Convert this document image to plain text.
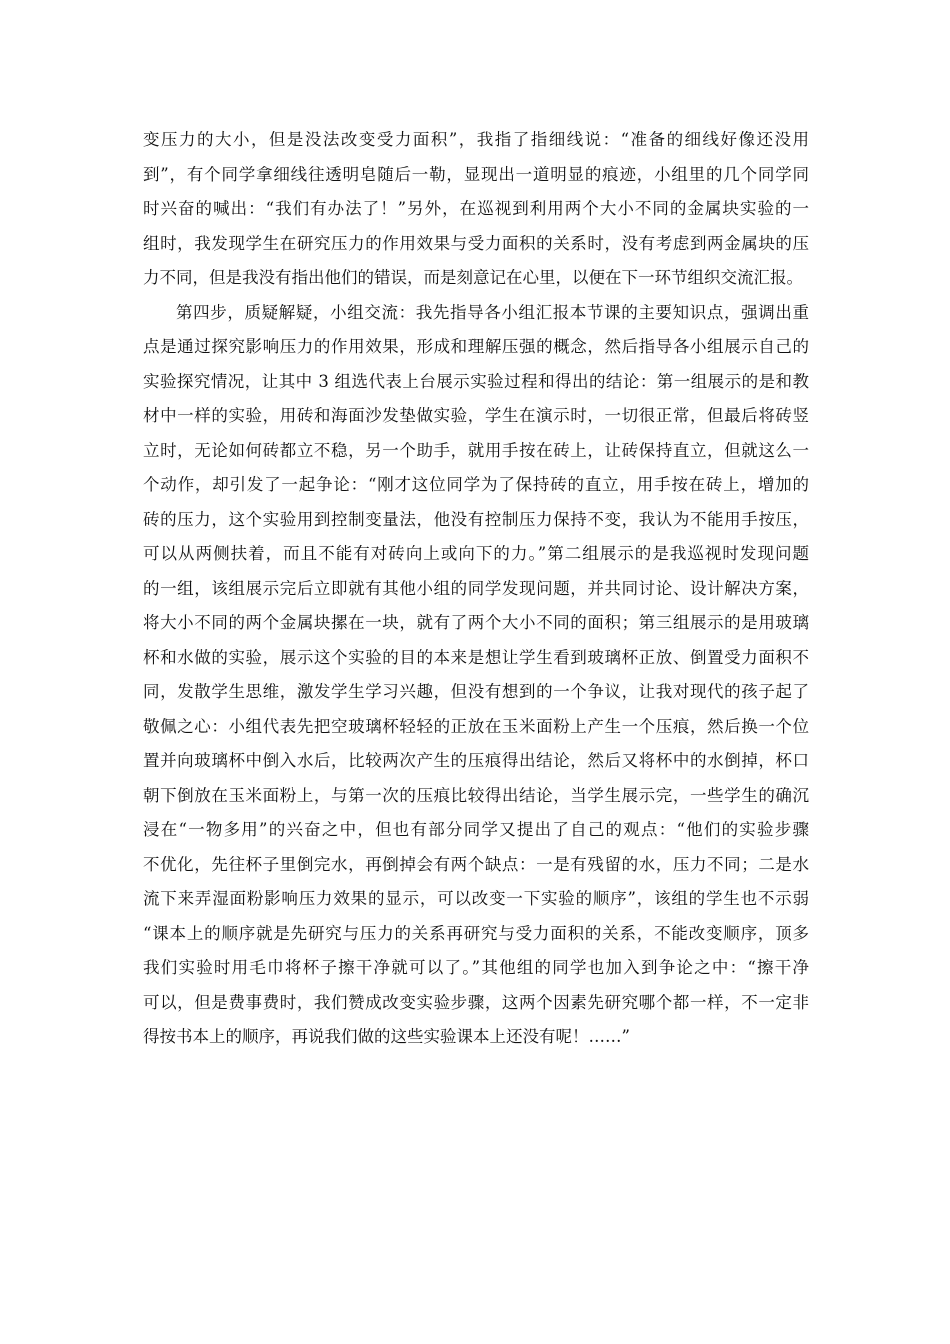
变压力的大小，但是没法改变受力面积”，我指了指细线说：“准备的细线好像还没用
到”，有个同学拿细线往透明皂随后一勒，显现出一道明显的痕迹，小组里的几个同学同
时兴奋的喊出：“我们有办法了！”另外，在巡视到利用两个大小不同的金属块实验的一
组时，我发现学生在研究压力的作用效果与受力面积的关系时，没有考虑到两金属块的压
力不同，但是我没有指出他们的错误，而是刻意记在心里，以便在下一环节组织交流汇报。
第四步，质疑解疑，小组交流：我先指导各小组汇报本节课的主要知识点，强调出重
点是通过探究影响压力的作用效果，形成和理解压强的概念，然后指导各小组展示自己的
实验探究情况，让其中 3 组选代表上台展示实验过程和得出的结论：第一组展示的是和教
材中一样的实验，用砖和海面沙发垫做实验，学生在演示时，一切很正常，但最后将砖竖
立时，无论如何砖都立不稳，另一个助手，就用手按在砖上，让砖保持直立，但就这么一
个动作，却引发了一起争论：“刚才这位同学为了保持砖的直立，用手按在砖上，增加的
砖的压力，这个实验用到控制变量法，他没有控制压力保持不变，我认为不能用手按压，
可以从两侧扶着，而且不能有对砖向上或向下的力。”第二组展示的是我巡视时发现问题
的一组，该组展示完后立即就有其他小组的同学发现问题，并共同讨论、设计解决方案，
将大小不同的两个金属块摞在一块，就有了两个大小不同的面积；第三组展示的是用玻璃
杯和水做的实验，展示这个实验的目的本来是想让学生看到玻璃杯正放、倒置受力面积不
同，发散学生思维，激发学生学习兴趣，但没有想到的一个争议，让我对现代的孩子起了
敬佩之心：小组代表先把空玻璃杯轻轻的正放在玉米面粉上产生一个压痕，然后换一个位
置并向玻璃杯中倒入水后，比较两次产生的压痕得出结论，然后又将杯中的水倒掉，杯口
朝下倒放在玉米面粉上，与第一次的压痕比较得出结论，当学生展示完，一些学生的确沉
浸在“一物多用”的兴奋之中，但也有部分同学又提出了自己的观点：“他们的实验步骤
不优化，先往杯子里倒完水，再倒掉会有两个缺点：一是有残留的水，压力不同；二是水
流下来弄湿面粉影响压力效果的显示，可以改变一下实验的顺序”，该组的学生也不示弱
“课本上的顺序就是先研究与压力的关系再研究与受力面积的关系，不能改变顺序，顶多
我们实验时用毛巾将杯子擦干净就可以了。”其他组的同学也加入到争论之中：“擦干净
可以，但是费事费时，我们赞成改变实验步骤，这两个因素先研究哪个都一样，不一定非
得按书本上的顺序，再说我们做的这些实验课本上还没有呢！……”
